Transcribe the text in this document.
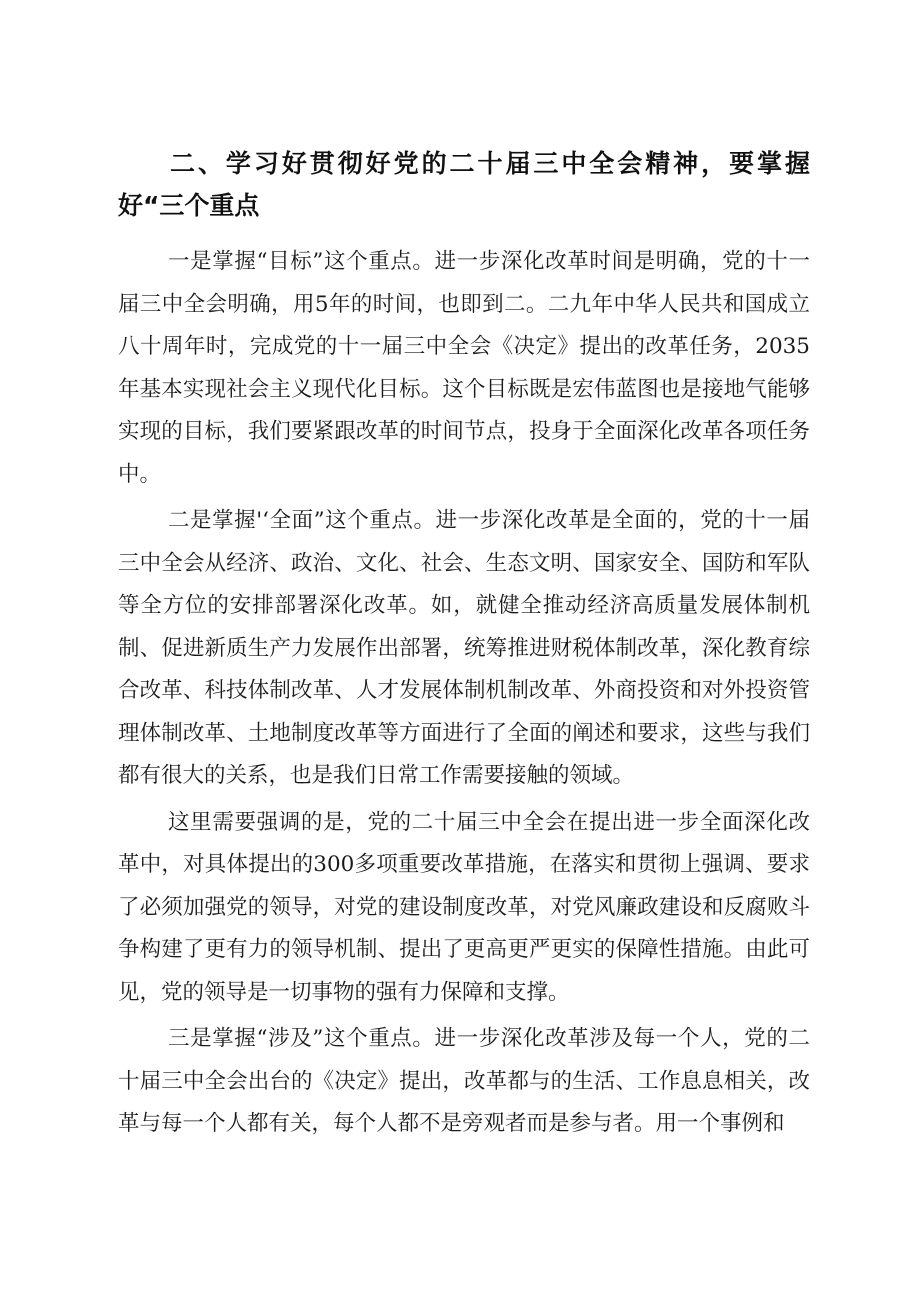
二、学习好贯彻好党的二十届三中全会精神，要掌握好“三个重点

一是掌握“目标”这个重点。进一步深化改革时间是明确，党的十一届三中全会明确，用5年的时间，也即到二。二九年中华人民共和国成立八十周年时，完成党的十一届三中全会《决定》提出的改革任务，2035年基本实现社会主义现代化目标。这个目标既是宏伟蓝图也是接地气能够实现的目标，我们要紧跟改革的时间节点，投身于全面深化改革各项任务中。

二是掌握'‘全面”这个重点。进一步深化改革是全面的，党的十一届三中全会从经济、政治、文化、社会、生态文明、国家安全、国防和军队等全方位的安排部署深化改革。如，就健全推动经济高质量发展体制机制、促进新质生产力发展作出部署，统筹推进财税体制改革，深化教育综合改革、科技体制改革、人才发展体制机制改革、外商投资和对外投资管理体制改革、土地制度改革等方面进行了全面的阐述和要求，这些与我们都有很大的关系，也是我们日常工作需要接触的领域。

这里需要强调的是，党的二十届三中全会在提出进一步全面深化改革中，对具体提出的300多项重要改革措施，在落实和贯彻上强调、要求了必须加强党的领导，对党的建设制度改革，对党风廉政建设和反腐败斗争构建了更有力的领导机制、提出了更高更严更实的保障性措施。由此可见，党的领导是一切事物的强有力保障和支撑。

三是掌握“涉及”这个重点。进一步深化改革涉及每一个人，党的二十届三中全会出台的《决定》提出，改革都与的生活、工作息息相关，改革与每一个人都有关，每个人都不是旁观者而是参与者。用一个事例和
